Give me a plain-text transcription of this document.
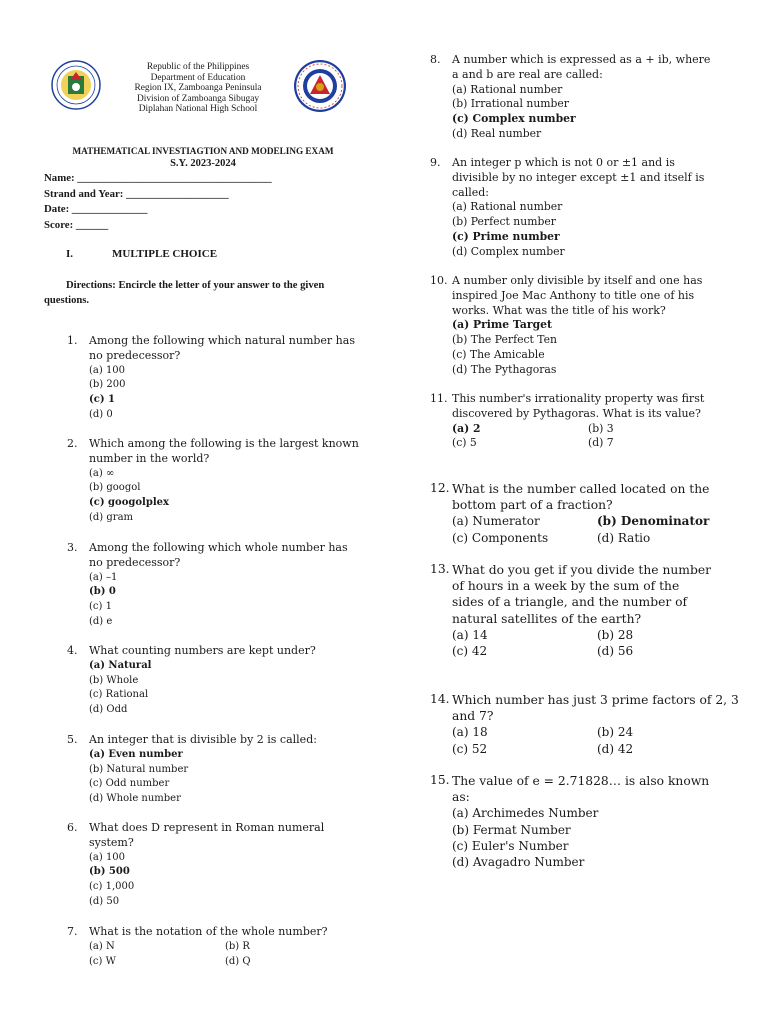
Republic of the Philippines
Department of Education
Region IX, Zamboanga Peninsula
Division of Zamboanga Sibugay
Diplahan National High School
MATHEMATICAL INVESTIAGTION AND MODELING EXAM
S.Y. 2023-2024
Name: ____________________________________
Strand and Year: ___________________
Date: ______________
Score: ______
I.	MULTIPLE CHOICE
Directions: Encircle the letter of your answer to the given questions.
1. Among the following which natural number has no predecessor?
(a) 100
(b) 200
(c) 1
(d) 0
2. Which among the following is the largest known number in the world?
(a) ∞
(b) googol
(c) googolplex
(d) gram
3. Among the following which whole number has no predecessor?
(a) –1
(b) 0
(c) 1
(d) e
4. What counting numbers are kept under?
(a) Natural
(b) Whole
(c) Rational
(d) Odd
5. An integer that is divisible by 2 is called:
(a) Even number
(b) Natural number
(c) Odd number
(d) Whole number
6. What does D represent in Roman numeral system?
(a) 100
(b) 500
(c) 1,000
(d) 50
7. What is the notation of the whole number?
(a) N	(b) R
(c) W	(d) Q
8. A number which is expressed as a + ib, where a and b are real are called:
(a) Rational number
(b) Irrational number
(c) Complex number
(d) Real number
9. An integer p which is not 0 or ±1 and is divisible by no integer except ±1 and itself is called:
(a) Rational number
(b) Perfect number
(c) Prime number
(d) Complex number
10. A number only divisible by itself and one has inspired Joe Mac Anthony to title one of his works. What was the title of his work?
(a) Prime Target
(b) The Perfect Ten
(c) The Amicable
(d) The Pythagoras
11. This number's irrationality property was first discovered by Pythagoras. What is its value?
(a) 2	(b) 3
(c) 5	(d) 7
12. What is the number called located on the bottom part of a fraction?
(a) Numerator	(b) Denominator
(c) Components	(d) Ratio
13. What do you get if you divide the number of hours in a week by the sum of the sides of a triangle, and the number of natural satellites of the earth?
(a) 14	(b) 28
(c) 42	(d) 56
14. Which number has just 3 prime factors of 2, 3 and 7?
(a) 18	(b) 24
(c) 52	(d) 42
15. The value of e = 2.71828… is also known as:
(a) Archimedes Number
(b) Fermat Number
(c) Euler's Number
(d) Avagadro Number
